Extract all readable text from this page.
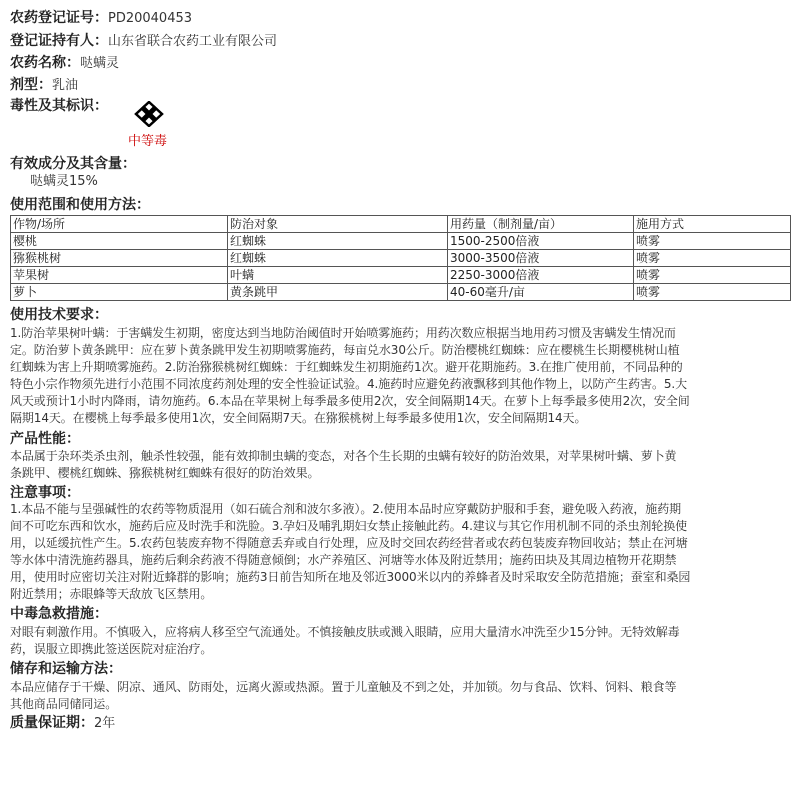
农药登记证号：PD20040453
登记证持有人：山东省联合农药工业有限公司
农药名称：哒螨灵
剂型：乳油
毒性及其标识：
中等毒
有效成分及其含量：
哒螨灵15%
使用范围和使用方法：
作物/场所	防治对象	用药量（制剂量/亩）	施用方式
樱桃	红蜘蛛	1500-2500倍液	喷雾
猕猴桃树	红蜘蛛	3000-3500倍液	喷雾
苹果树	叶螨	2250-3000倍液	喷雾
萝卜	黄条跳甲	40-60毫升/亩	喷雾
使用技术要求：
1.防治苹果树叶螨：于害螨发生初期，密度达到当地防治阈值时开始喷雾施药；用药次数应根据当地用药习惯及害螨发生情况而
定。防治萝卜黄条跳甲：应在萝卜黄条跳甲发生初期喷雾施药，每亩兑水30公斤。防治樱桃红蜘蛛：应在樱桃生长期樱桃树山植
红蜘蛛为害上升期喷雾施药。2.防治猕猴桃树红蜘蛛：于红蜘蛛发生初期施药1次。避开花期施药。3.在推广使用前，不同品种的
特色小宗作物须先进行小范围不同浓度药剂处理的安全性验证试验。4.施药时应避免药液飘移到其他作物上，以防产生药害。5.大
风天或预计1小时内降雨，请勿施药。6.本品在苹果树上每季最多使用2次，安全间隔期14天。在萝卜上每季最多使用2次，安全间
隔期14天。在樱桃上每季最多使用1次，安全间隔期7天。在猕猴桃树上每季最多使用1次，安全间隔期14天。
产品性能：
本品属于杂环类杀虫剂，触杀性较强，能有效抑制虫螨的变态，对各个生长期的虫螨有较好的防治效果，对苹果树叶螨、萝卜黄
条跳甲、樱桃红蜘蛛、猕猴桃树红蜘蛛有很好的防治效果。
注意事项：
1.本品不能与呈强碱性的农药等物质混用（如石硫合剂和波尔多液）。2.使用本品时应穿戴防护服和手套，避免吸入药液，施药期
间不可吃东西和饮水，施药后应及时洗手和洗脸。3.孕妇及哺乳期妇女禁止接触此药。4.建议与其它作用机制不同的杀虫剂轮换使
用，以延缓抗性产生。5.农药包装废弃物不得随意丢弃或自行处理，应及时交回农药经营者或农药包装废弃物回收站；禁止在河塘
等水体中清洗施药器具，施药后剩余药液不得随意倾倒；水产养殖区、河塘等水体及附近禁用；施药田块及其周边植物开花期禁
用，使用时应密切关注对附近蜂群的影响；施药3日前告知所在地及邻近3000米以内的养蜂者及时采取安全防范措施；蚕室和桑园
附近禁用；赤眼蜂等天敌放飞区禁用。
中毒急救措施：
对眼有刺激作用。不慎吸入，应将病人移至空气流通处。不慎接触皮肤或溅入眼睛，应用大量清水冲洗至少15分钟。无特效解毒
药，误服立即携此签送医院对症治疗。
储存和运输方法：
本品应储存于干燥、阴凉、通风、防雨处，远离火源或热源。置于儿童触及不到之处，并加锁。勿与食品、饮料、饲料、粮食等
其他商品同储同运。
质量保证期：2年
